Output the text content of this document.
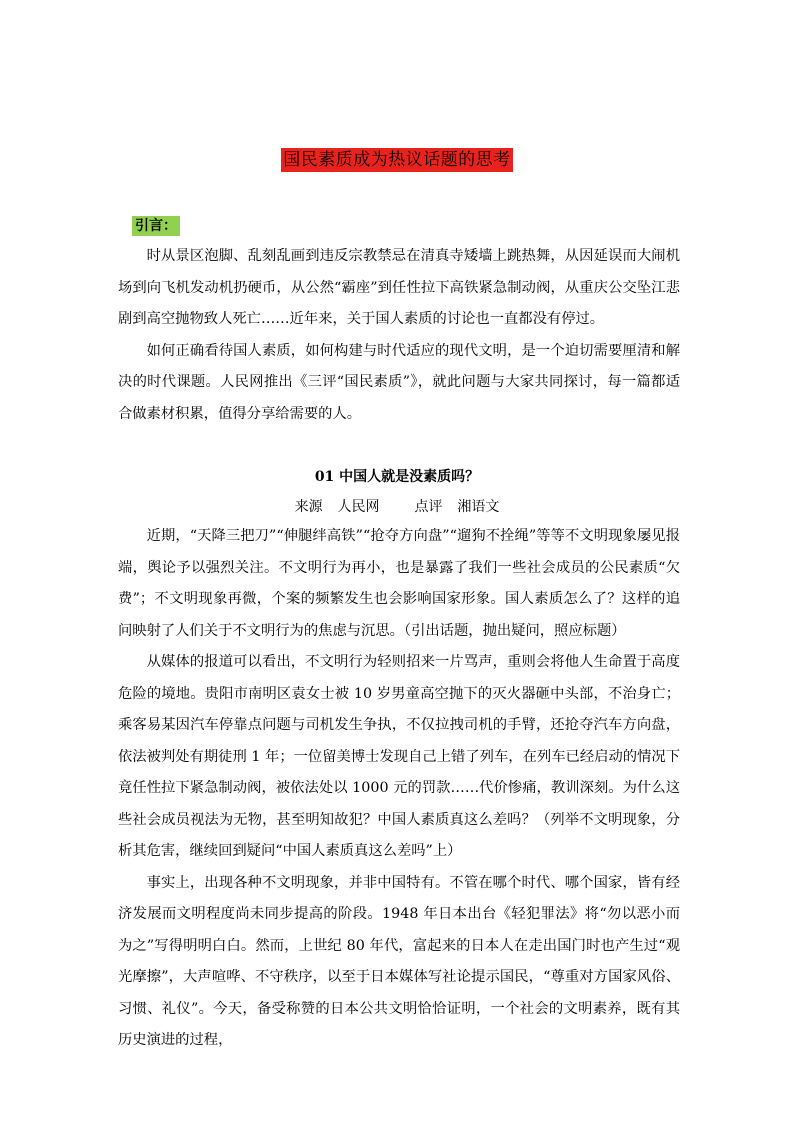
国民素质成为热议话题的思考
引言：

时从景区泡脚、乱刻乱画到违反宗教禁忌在清真寺矮墙上跳热舞，从因延误而大闹机场到向飞机发动机扔硬币，从公然“霸座”到任性拉下高铁紧急制动阀，从重庆公交坠江悲剧到高空抛物致人死亡……近年来，关于国人素质的讨论也一直都没有停过。

如何正确看待国人素质，如何构建与时代适应的现代文明，是一个迫切需要厘清和解决的时代课题。人民网推出《三评“国民素质”》，就此问题与大家共同探讨，每一篇都适合做素材积累，值得分享给需要的人。

01 中国人就是没素质吗？
来源 人民网 点评 湘语文

近期，“天降三把刀”“伸腿绊高铁”“抢夺方向盘”“遛狗不拴绳”等等不文明现象屡见报端，舆论予以强烈关注。不文明行为再小，也是暴露了我们一些社会成员的公民素质“欠费”；不文明现象再微，个案的频繁发生也会影响国家形象。国人素质怎么了？这样的追问映射了人们关于不文明行为的焦虑与沉思。（引出话题，抛出疑问，照应标题）

从媒体的报道可以看出，不文明行为轻则招来一片骂声，重则会将他人生命置于高度危险的境地。贵阳市南明区袁女士被 10 岁男童高空抛下的灭火器砸中头部，不治身亡；乘客易某因汽车停靠点问题与司机发生争执，不仅拉拽司机的手臂，还抢夺汽车方向盘，依法被判处有期徒刑 1 年；一位留美博士发现自己上错了列车，在列车已经启动的情况下竟任性拉下紧急制动阀，被依法处以 1000 元的罚款……代价惨痛，教训深刻。为什么这些社会成员视法为无物，甚至明知故犯？中国人素质真这么差吗？（列举不文明现象，分析其危害，继续回到疑问“中国人素质真这么差吗”上）

事实上，出现各种不文明现象，并非中国特有。不管在哪个时代、哪个国家，皆有经济发展而文明程度尚未同步提高的阶段。1948 年日本出台《轻犯罪法》将“勿以恶小而为之”写得明明白白。然而，上世纪 80 年代，富起来的日本人在走出国门时也产生过“观光摩擦”，大声喧哗、不守秩序，以至于日本媒体写社论提示国民，“尊重对方国家风俗、习惯、礼仪”。今天，备受称赞的日本公共文明恰恰证明，一个社会的文明素养，既有其历史演进的过程，
